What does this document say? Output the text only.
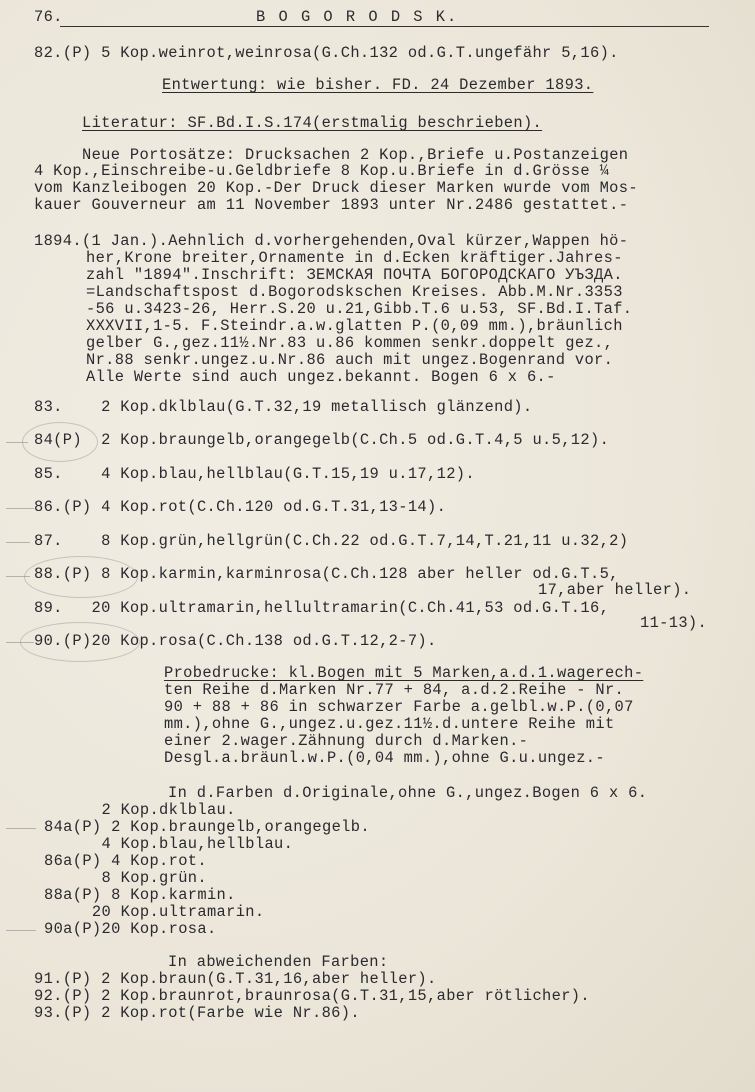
76.	B O G O R O D S K.
82.(P) 5 Kop.weinrot,weinrosa(G.Ch.132 od.G.T.ungefähr 5,16).
Entwertung: wie bisher. FD. 24 Dezember 1893.
Literatur: SF.Bd.I.S.174(erstmalig beschrieben).
Neue Portosätze: Drucksachen 2 Kop.,Briefe u.Postanzeigen
4 Kop.,Einschreibe-u.Geldbriefe 8 Kop.u.Briefe in d.Grösse ¼
vom Kanzleibogen 20 Kop.-Der Druck dieser Marken wurde vom Mos-
kauer Gouverneur am 11 November 1893 unter Nr.2486 gestattet.-
1894.(1 Jan.).Aehnlich d.vorhergehenden,Oval kürzer,Wappen hö-
her,Krone breiter,Ornamente in d.Ecken kräftiger.Jahres-
zahl "1894".Inschrift: ЗЕМСКАЯ ПОЧТА БОГОРОДСКАГО УЪЗДА.
=Landschaftspost d.Bogorodskschen Kreises. Abb.M.Nr.3353
-56 u.3423-26, Herr.S.20 u.21,Gibb.T.6 u.53, SF.Bd.I.Taf.
XXXVII,1-5. F.Steindr.a.w.glatten P.(0,09 mm.),bräunlich
gelber G.,gez.11½.Nr.83 u.86 kommen senkr.doppelt gez.,
Nr.88 senkr.ungez.u.Nr.86 auch mit ungez.Bogenrand vor.
Alle Werte sind auch ungez.bekannt. Bogen 6 x 6.-
83.    2 Kop.dklblau(G.T.32,19 metallisch glänzend).
84(P)  2 Kop.braungelb,orangegelb(C.Ch.5 od.G.T.4,5 u.5,12).
85.    4 Kop.blau,hellblau(G.T.15,19 u.17,12).
86.(P) 4 Kop.rot(C.Ch.120 od.G.T.31,13-14).
87.    8 Kop.grün,hellgrün(C.Ch.22 od.G.T.7,14,T.21,11 u.32,2)
88.(P) 8 Kop.karmin,karminrosa(C.Ch.128 aber heller od.G.T.5,
17,aber heller).
89.   20 Kop.ultramarin,hellultramarin(C.Ch.41,53 od.G.T.16,
11-13).
90.(P)20 Kop.rosa(C.Ch.138 od.G.T.12,2-7).
Probedrucke: kl.Bogen mit 5 Marken,a.d.1.wagerech-
ten Reihe d.Marken Nr.77 + 84, a.d.2.Reihe - Nr.
90 + 88 + 86 in schwarzer Farbe a.gelbl.w.P.(0,07
mm.),ohne G.,ungez.u.gez.11½.d.untere Reihe mit
einer 2.wager.Zähnung durch d.Marken.-
Desgl.a.bräunl.w.P.(0,04 mm.),ohne G.u.ungez.-
In d.Farben d.Originale,ohne G.,ungez.Bogen 6 x 6.
2 Kop.dklblau.
84a(P) 2 Kop.braungelb,orangegelb.
4 Kop.blau,hellblau.
86a(P) 4 Kop.rot.
8 Kop.grün.
88a(P) 8 Kop.karmin.
20 Kop.ultramarin.
90a(P)20 Kop.rosa.
In abweichenden Farben:
91.(P) 2 Kop.braun(G.T.31,16,aber heller).
92.(P) 2 Kop.braunrot,braunrosa(G.T.31,15,aber rötlicher).
93.(P) 2 Kop.rot(Farbe wie Nr.86).
